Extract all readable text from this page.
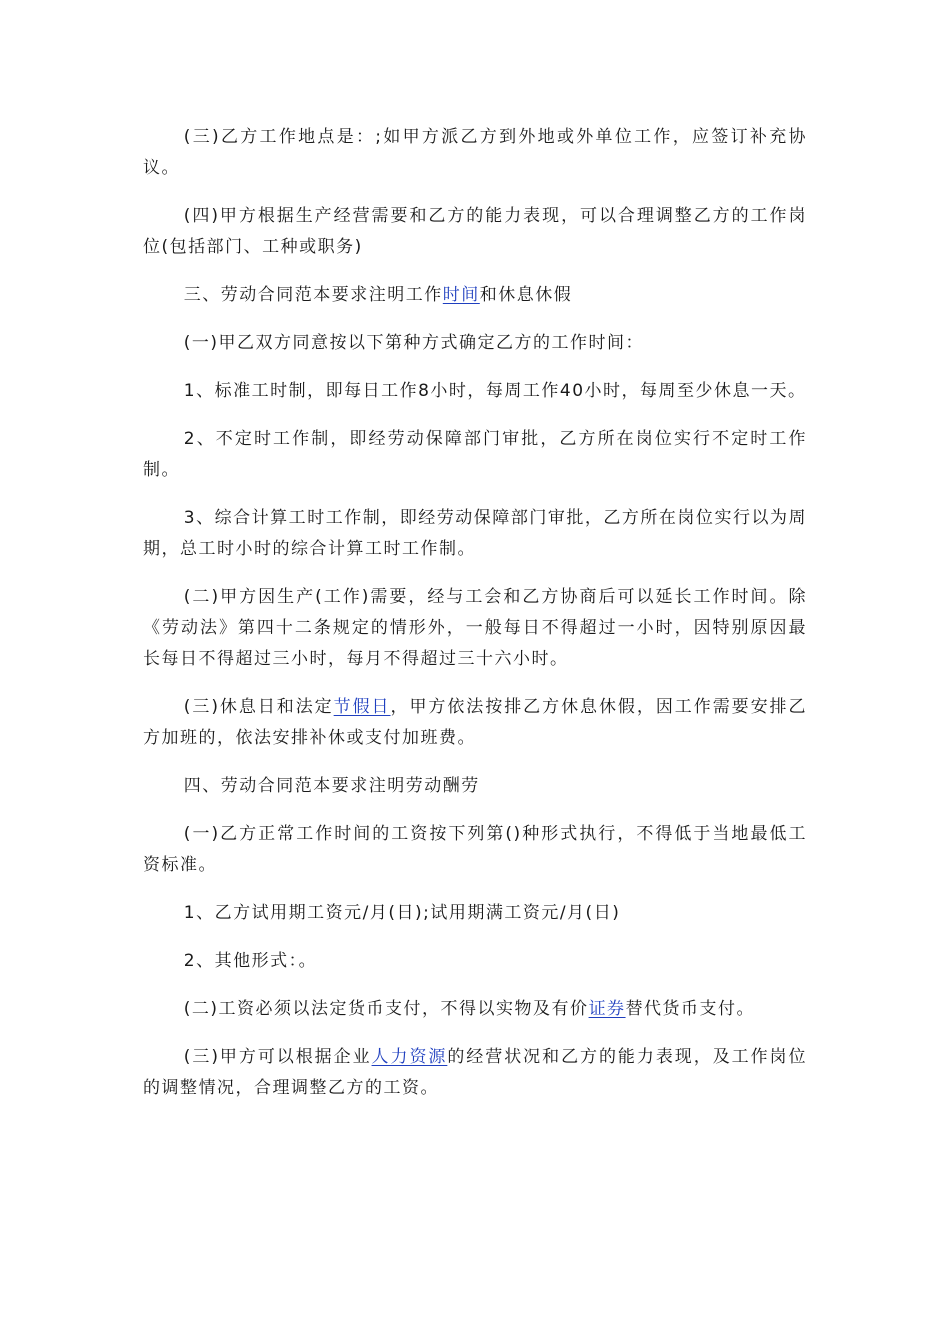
(三)乙方工作地点是：;如甲方派乙方到外地或外单位工作，应签订补充协议。

(四)甲方根据生产经营需要和乙方的能力表现，可以合理调整乙方的工作岗位(包括部门、工种或职务)

三、劳动合同范本要求注明工作时间和休息休假

(一)甲乙双方同意按以下第种方式确定乙方的工作时间：

1、标准工时制，即每日工作8小时，每周工作40小时，每周至少休息一天。

2、不定时工作制，即经劳动保障部门审批，乙方所在岗位实行不定时工作制。

3、综合计算工时工作制，即经劳动保障部门审批，乙方所在岗位实行以为周期，总工时小时的综合计算工时工作制。

(二)甲方因生产(工作)需要，经与工会和乙方协商后可以延长工作时间。除《劳动法》第四十二条规定的情形外，一般每日不得超过一小时，因特别原因最长每日不得超过三小时，每月不得超过三十六小时。

(三)休息日和法定节假日，甲方依法按排乙方休息休假，因工作需要安排乙方加班的，依法安排补休或支付加班费。

四、劳动合同范本要求注明劳动酬劳

(一)乙方正常工作时间的工资按下列第()种形式执行，不得低于当地最低工资标准。

1、乙方试用期工资元/月(日);试用期满工资元/月(日)

2、其他形式：。

(二)工资必须以法定货币支付，不得以实物及有价证券替代货币支付。

(三)甲方可以根据企业人力资源的经营状况和乙方的能力表现，及工作岗位的调整情况，合理调整乙方的工资。
